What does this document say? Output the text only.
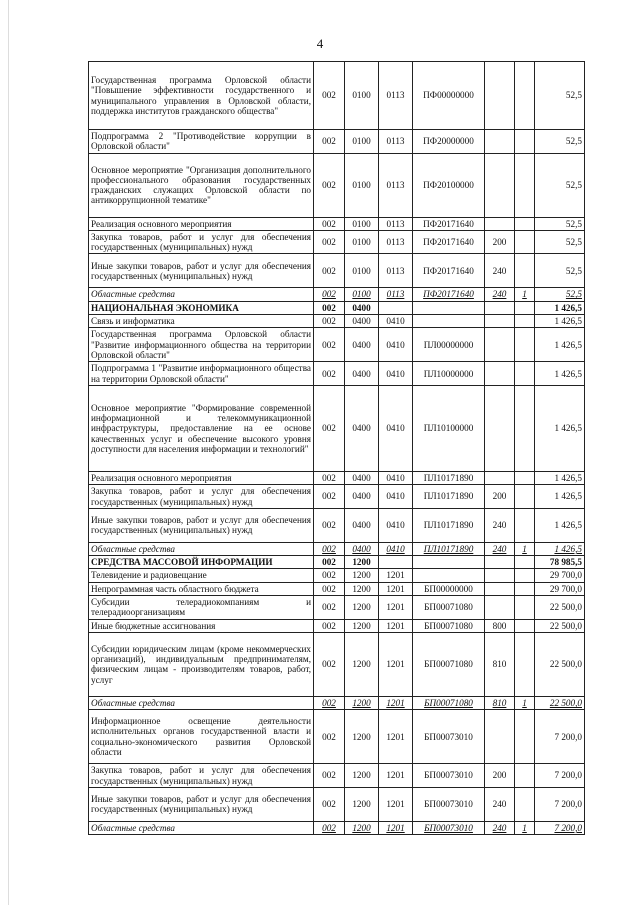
4
Государственная программа Орловской области "Повышение эффективности государственного и муниципального управления в Орловской области, поддержка институтов гражданского общества"	002	0100	0113	ПФ00000000			52,5
Подпрограмма 2 "Противодействие коррупции в Орловской области"	002	0100	0113	ПФ20000000			52,5
Основное мероприятие "Организация дополнительного профессионального образования государственных гражданских служащих Орловской области по антикоррупционной тематике"	002	0100	0113	ПФ20100000			52,5
Реализация основного мероприятия	002	0100	0113	ПФ20171640			52,5
Закупка товаров, работ и услуг для обеспечения государственных (муниципальных) нужд	002	0100	0113	ПФ20171640	200		52,5
Иные закупки товаров, работ и услуг для обеспечения государственных (муниципальных) нужд	002	0100	0113	ПФ20171640	240		52,5
Областные средства	002	0100	0113	ПФ20171640	240	1	52,5
НАЦИОНАЛЬНАЯ ЭКОНОМИКА	002	0400					1 426,5
Связь и информатика	002	0400	0410				1 426,5
Государственная программа Орловской области "Развитие информационного общества на территории Орловской области"	002	0400	0410	ПЛ00000000			1 426,5
Подпрограмма 1 "Развитие информационного общества на территории Орловской области"	002	0400	0410	ПЛ10000000			1 426,5
Основное мероприятие "Формирование современной информационной и телекоммуникационной инфраструктуры, предоставление на ее основе качественных услуг и обеспечение высокого уровня доступности для населения информации и технологий"	002	0400	0410	ПЛ10100000			1 426,5
Реализация основного мероприятия	002	0400	0410	ПЛ10171890			1 426,5
Закупка товаров, работ и услуг для обеспечения государственных (муниципальных) нужд	002	0400	0410	ПЛ10171890	200		1 426,5
Иные закупки товаров, работ и услуг для обеспечения государственных (муниципальных) нужд	002	0400	0410	ПЛ10171890	240		1 426,5
Областные средства	002	0400	0410	ПЛ10171890	240	1	1 426,5
СРЕДСТВА МАССОВОЙ ИНФОРМАЦИИ	002	1200					78 985,5
Телевидение и радиовещание	002	1200	1201				29 700,0
Непрограммная часть областного бюджета	002	1200	1201	БП00000000			29 700,0
Субсидии телерадиокомпаниям и телерадиоорганизациям	002	1200	1201	БП00071080			22 500,0
Иные бюджетные ассигнования	002	1200	1201	БП00071080	800		22 500,0
Субсидии юридическим лицам (кроме некоммерческих организаций), индивидуальным предпринимателям, физическим лицам - производителям товаров, работ, услуг	002	1200	1201	БП00071080	810		22 500,0
Областные средства	002	1200	1201	БП00071080	810	1	22 500,0
Информационное освещение деятельности исполнительных органов государственной власти и социально-экономического развития Орловской области	002	1200	1201	БП00073010			7 200,0
Закупка товаров, работ и услуг для обеспечения государственных (муниципальных) нужд	002	1200	1201	БП00073010	200		7 200,0
Иные закупки товаров, работ и услуг для обеспечения государственных (муниципальных) нужд	002	1200	1201	БП00073010	240		7 200,0
Областные средства	002	1200	1201	БП00073010	240	1	7 200,0
